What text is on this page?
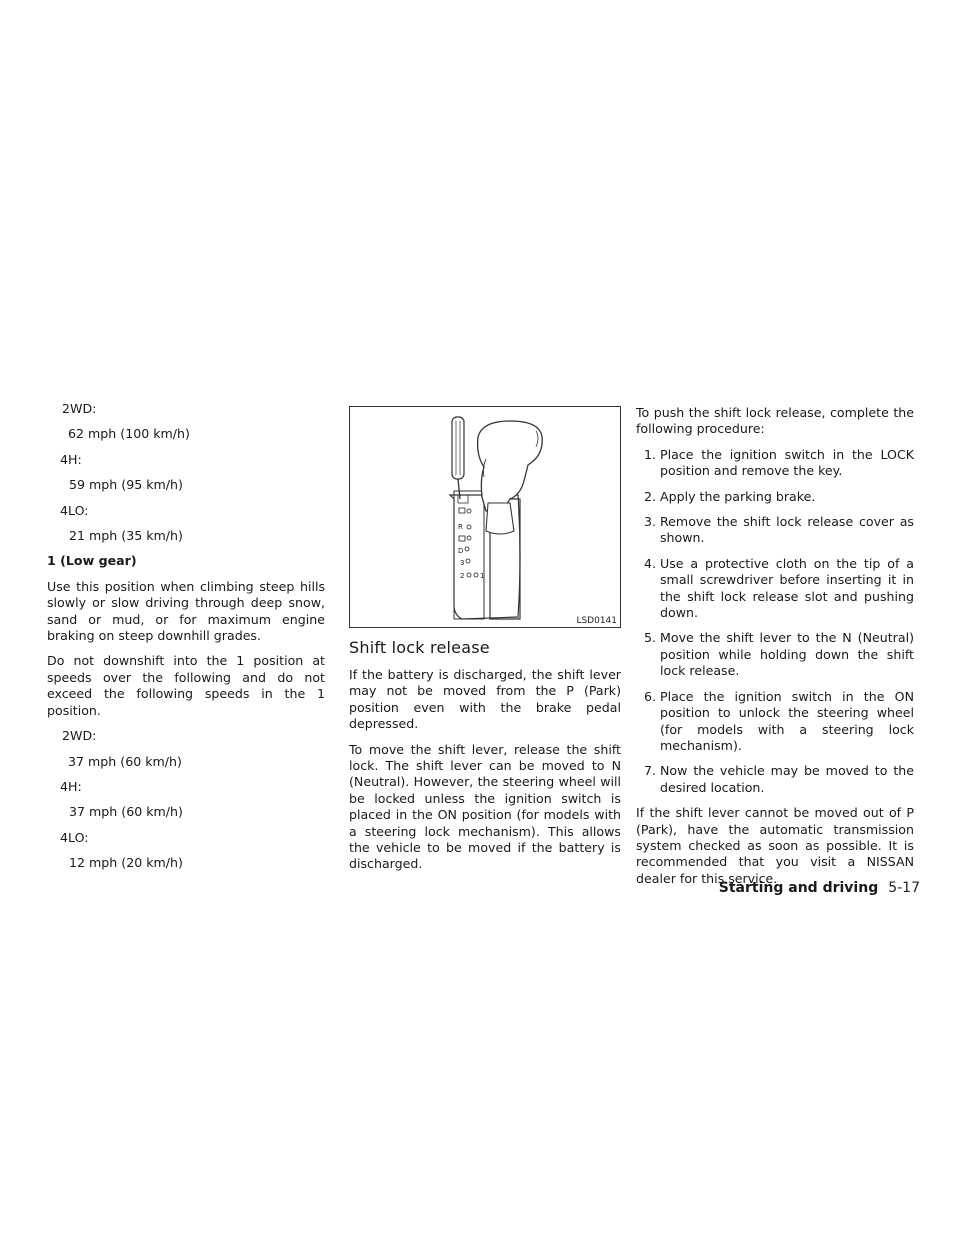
2WD:
62 mph (100 km/h)
4H:
59 mph (95 km/h)
4LO:
21 mph (35 km/h)
1 (Low gear)

Use this position when climbing steep hills slowly or slow driving through deep snow, sand or mud, or for maximum engine braking on steep downhill grades.

Do not downshift into the 1 position at speeds over the following and do not exceed the following speeds in the 1 position.

2WD:
37 mph (60 km/h)
4H:
37 mph (60 km/h)
4LO:
12 mph (20 km/h)
R
D
3
2 1
LSD0141
Shift lock release

If the battery is discharged, the shift lever may not be moved from the P (Park) position even with the brake pedal depressed.

To move the shift lever, release the shift lock. The shift lever can be moved to N (Neutral). However, the steering wheel will be locked unless the ignition switch is placed in the ON position (for models with a steering lock mechanism). This allows the vehicle to be moved if the battery is discharged.

To push the shift lock release, complete the following procedure:

1. Place the ignition switch in the LOCK position and remove the key.
2. Apply the parking brake.
3. Remove the shift lock release cover as shown.
4. Use a protective cloth on the tip of a small screwdriver before inserting it in the shift lock release slot and pushing down.
5. Move the shift lever to the N (Neutral) position while holding down the shift lock release.
6. Place the ignition switch in the ON position to unlock the steering wheel (for models with a steering lock mechanism).
7. Now the vehicle may be moved to the desired location.

If the shift lever cannot be moved out of P (Park), have the automatic transmission system checked as soon as possible. It is recommended that you visit a NISSAN dealer for this service.

Starting and driving 5-17
